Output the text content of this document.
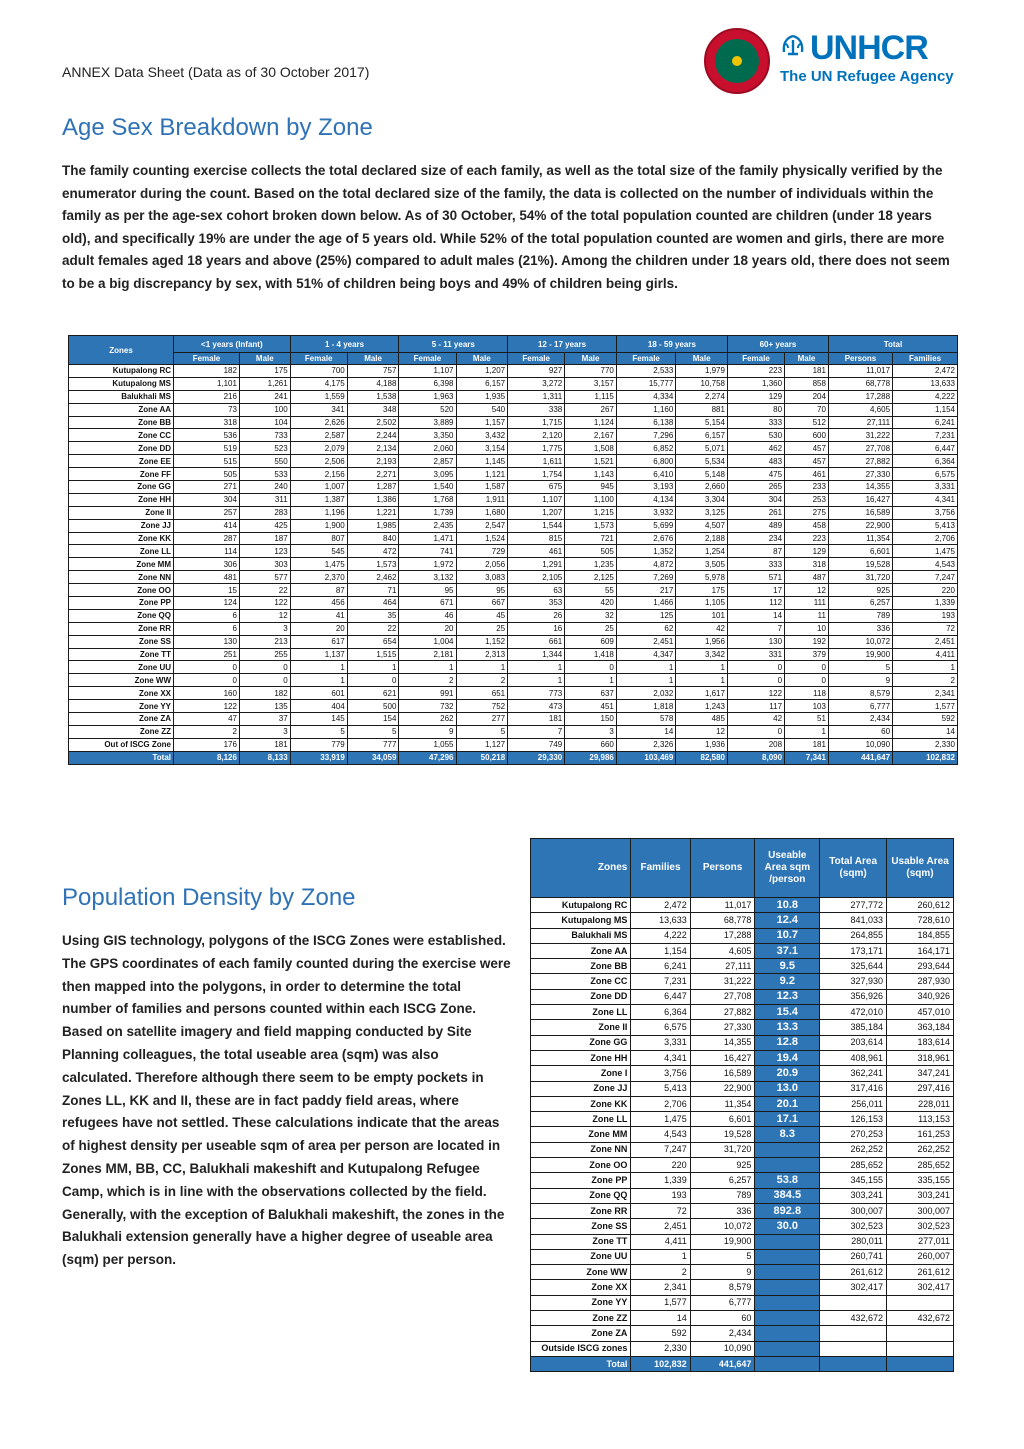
ANNEX Data Sheet (Data as of 30 October 2017)
UNHCR
The UN Refugee Agency
Age Sex Breakdown by Zone

The family counting exercise collects the total declared size of each family, as well as the total size of the family physically verified by the enumerator during the count. Based on the total declared size of the family, the data is collected on the number of individuals within the family as per the age-sex cohort broken down below. As of 30 October, 54% of the total population counted are children (under 18 years old), and specifically 19% are under the age of 5 years old. While 52% of the total population counted are women and girls, there are more adult females aged 18 years and above (25%) compared to adult males (21%). Among the children under 18 years old, there does not seem to be a big discrepancy by sex, with 51% of children being boys and 49% of children being girls.

Zones	<1 years (Infant)		1 - 4 years		5 - 11 years		12 - 17 years		18 - 59 years		60+ years		Total	
	Female	Male	Female	Male	Female	Male	Female	Male	Female	Male	Female	Male	Persons	Families
Kutupalong RC	182	175	700	757	1,107	1,207	927	770	2,533	1,979	223	181	11,017	2,472
Kutupalong MS	1,101	1,261	4,175	4,188	6,398	6,157	3,272	3,157	15,777	10,758	1,360	858	68,778	13,633
Balukhali MS	216	241	1,559	1,538	1,963	1,935	1,311	1,115	4,334	2,274	129	204	17,288	4,222
Zone AA	73	100	341	348	520	540	338	267	1,160	881	80	70	4,605	1,154
Zone BB	318	104	2,626	2,502	3,889	1,157	1,715	1,124	6,138	5,154	333	512	27,111	6,241
Zone CC	536	733	2,587	2,244	3,350	3,432	2,120	2,167	7,296	6,157	530	600	31,222	7,231
Zone DD	519	523	2,079	2,134	2,060	3,154	1,775	1,508	6,852	5,071	462	457	27,708	6,447
Zone EE	515	550	2,506	2,193	2,857	1,145	1,611	1,521	6,800	5,534	483	457	27,882	6,364
Zone FF	505	533	2,156	2,271	3,095	1,121	1,754	1,143	6,410	5,148	475	461	27,330	6,575
Zone GG	271	240	1,007	1,287	1,540	1,587	675	945	3,193	2,660	265	233	14,355	3,331
Zone HH	304	311	1,387	1,386	1,768	1,911	1,107	1,100	4,134	3,304	304	253	16,427	4,341
Zone II	257	283	1,196	1,221	1,739	1,680	1,207	1,215	3,932	3,125	261	275	16,589	3,756
Zone JJ	414	425	1,900	1,985	2,435	2,547	1,544	1,573	5,699	4,507	489	458	22,900	5,413
Zone KK	287	187	807	840	1,471	1,524	815	721	2,676	2,188	234	223	11,354	2,706
Zone LL	114	123	545	472	741	729	461	505	1,352	1,254	87	129	6,601	1,475
Zone MM	306	303	1,475	1,573	1,972	2,056	1,291	1,235	4,872	3,505	333	318	19,528	4,543
Zone NN	481	577	2,370	2,462	3,132	3,083	2,105	2,125	7,269	5,978	571	487	31,720	7,247
Zone OO	15	22	87	71	95	95	63	55	217	175	17	12	925	220
Zone PP	124	122	456	464	671	667	353	420	1,466	1,105	112	111	6,257	1,339
Zone QQ	6	12	41	35	46	45	26	32	125	101	14	11	789	193
Zone RR	6	3	20	22	20	25	16	25	62	42	7	10	336	72
Zone SS	130	213	617	654	1,004	1,152	661	609	2,451	1,956	130	192	10,072	2,451
Zone TT	251	255	1,137	1,515	2,181	2,313	1,344	1,418	4,347	3,342	331	379	19,900	4,411
Zone UU	0	0	1	1	1	1	1	0	1	1	0	0	5	1
Zone WW	0	0	1	0	2	2	1	1	1	1	0	0	9	2
Zone XX	160	182	601	621	991	651	773	637	2,032	1,617	122	118	8,579	2,341
Zone YY	122	135	404	500	732	752	473	451	1,818	1,243	117	103	6,777	1,577
Zone ZA	47	37	145	154	262	277	181	150	578	485	42	51	2,434	592
Zone ZZ	2	3	5	5	9	5	7	3	14	12	0	1	60	14
Out of ISCG Zone	176	181	779	777	1,055	1,127	749	660	2,326	1,936	208	181	10,090	2,330
Total	8,126	8,133	33,919	34,059	47,296	50,218	29,330	29,986	103,469	82,580	8,090	7,341	441,647	102,832
Population Density by Zone

Using GIS technology, polygons of the ISCG Zones were established. The GPS coordinates of each family counted during the exercise were then mapped into the polygons, in order to determine the total number of families and persons counted within each ISCG Zone. Based on satellite imagery and field mapping conducted by Site Planning colleagues, the total useable area (sqm) was also calculated. Therefore although there seem to be empty pockets in Zones LL, KK and II, these are in fact paddy field areas, where refugees have not settled. These calculations indicate that the areas of highest density per useable sqm of area per person are located in Zones MM, BB, CC, Balukhali makeshift and Kutupalong Refugee Camp, which is in line with the observations collected by the field. Generally, with the exception of Balukhali makeshift, the zones in the Balukhali extension generally have a higher degree of useable area (sqm) per person.

Zones	Families	Persons	Useable Area sqm /person	Total Area (sqm)	Usable Area (sqm)
Kutupalong RC	2,472	11,017	10.8	277,772	260,612
Kutupalong MS	13,633	68,778	12.4	841,033	728,610
Balukhali MS	4,222	17,288	10.7	264,855	184,855
Zone AA	1,154	4,605	37.1	173,171	164,171
Zone BB	6,241	27,111	9.5	325,644	293,644
Zone CC	7,231	31,222	9.2	327,930	287,930
Zone DD	6,447	27,708	12.3	356,926	340,926
Zone LL	6,364	27,882	15.4	472,010	457,010
Zone II	6,575	27,330	13.3	385,184	363,184
Zone GG	3,331	14,355	12.8	203,614	183,614
Zone HH	4,341	16,427	19.4	408,961	318,961
Zone I	3,756	16,589	20.9	362,241	347,241
Zone JJ	5,413	22,900	13.0	317,416	297,416
Zone KK	2,706	11,354	20.1	256,011	228,011
Zone LL	1,475	6,601	17.1	126,153	113,153
Zone MM	4,543	19,528	8.3	270,253	161,253
Zone NN	7,247	31,720		262,252	262,252
Zone OO	220	925		285,652	285,652
Zone PP	1,339	6,257	53.8	345,155	335,155
Zone QQ	193	789	384.5	303,241	303,241
Zone RR	72	336	892.8	300,007	300,007
Zone SS	2,451	10,072	30.0	302,523	302,523
Zone TT	4,411	19,900		280,011	277,011
Zone UU	1	5		260,741	260,007
Zone WW	2	9		261,612	261,612
Zone XX	2,341	8,579		302,417	302,417
Zone YY	1,577	6,777			
Zone ZZ	14	60		432,672	432,672
Zone ZA	592	2,434			
Outside ISCG zones	2,330	10,090			
Total	102,832	441,647			
